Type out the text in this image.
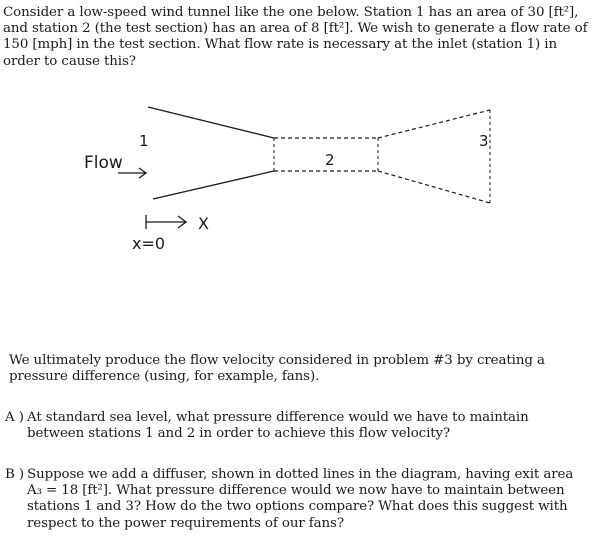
Consider a low-speed wind tunnel like the one below. Station 1 has an area of 30 [ft²], and station 2 (the test section) has an area of 8 [ft²]. We wish to generate a flow rate of 150 [mph] in the test section. What flow rate is necessary at the inlet (station 1) in order to cause this?

1
2
3
Flow
X
x=0

We ultimately produce the flow velocity considered in problem #3 by creating a pressure difference (using, for example, fans).

A ) At standard sea level, what pressure difference would we have to maintain
between stations 1 and 2 in order to achieve this flow velocity?
B ) Suppose we add a diffuser, shown in dotted lines in the diagram, having exit area
A₃ = 18 [ft²]. What pressure difference would we now have to maintain between stations 1 and 3? How do the two options compare? What does this suggest with respect to the power requirements of our fans?
